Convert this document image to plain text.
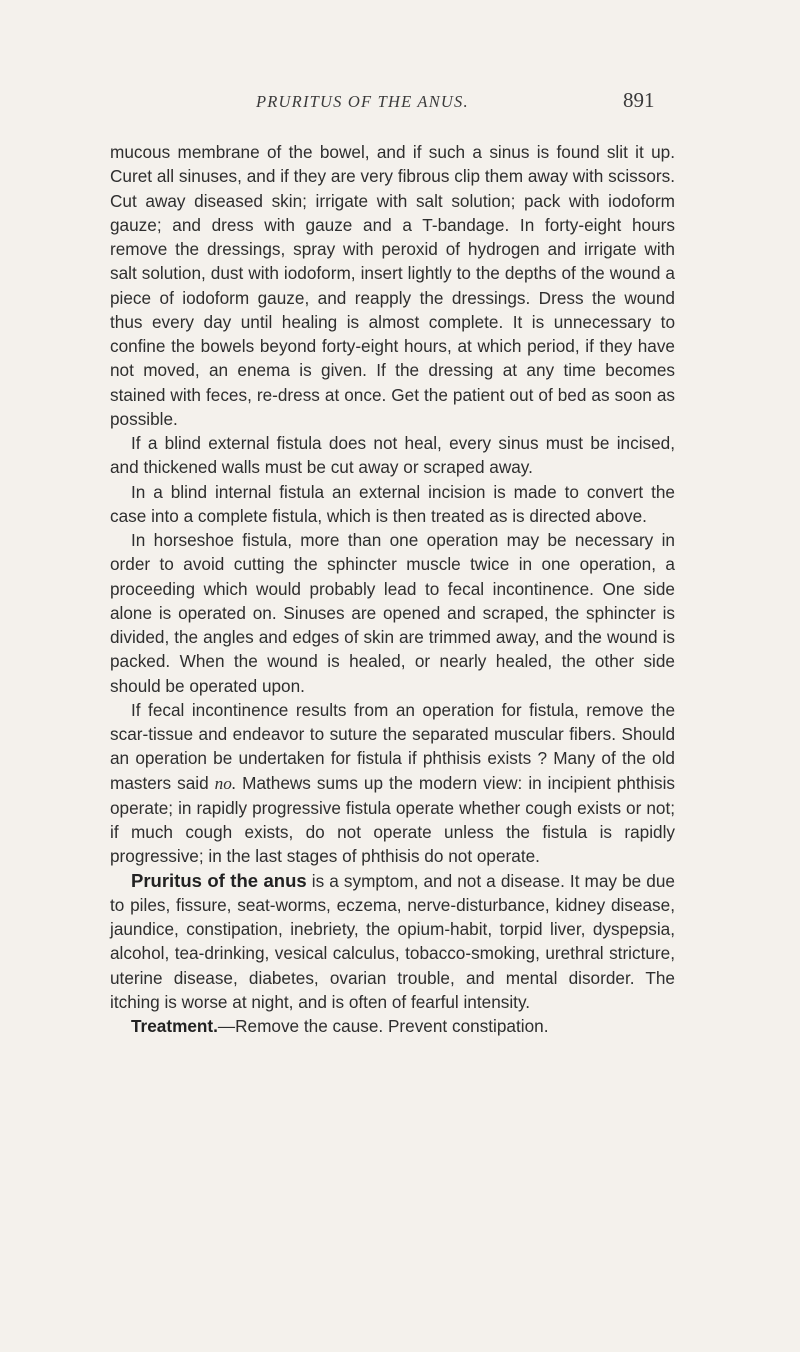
PRURITUS OF THE ANUS.	891

mucous membrane of the bowel, and if such a sinus is found slit it up. Curet all sinuses, and if they are very fibrous clip them away with scissors. Cut away diseased skin; irrigate with salt solution; pack with iodoform gauze; and dress with gauze and a T-bandage. In forty-eight hours remove the dressings, spray with peroxid of hydrogen and irrigate with salt solution, dust with iodoform, insert lightly to the depths of the wound a piece of iodoform gauze, and reapply the dressings. Dress the wound thus every day until healing is almost complete. It is unnecessary to confine the bowels beyond forty-eight hours, at which period, if they have not moved, an enema is given. If the dressing at any time becomes stained with feces, re-dress at once. Get the patient out of bed as soon as possible.

If a blind external fistula does not heal, every sinus must be incised, and thickened walls must be cut away or scraped away.

In a blind internal fistula an external incision is made to convert the case into a complete fistula, which is then treated as is directed above.

In horseshoe fistula, more than one operation may be necessary in order to avoid cutting the sphincter muscle twice in one operation, a proceeding which would probably lead to fecal incontinence. One side alone is operated on. Sinuses are opened and scraped, the sphincter is divided, the angles and edges of skin are trimmed away, and the wound is packed. When the wound is healed, or nearly healed, the other side should be operated upon.

If fecal incontinence results from an operation for fistula, remove the scar-tissue and endeavor to suture the separated muscular fibers. Should an operation be undertaken for fistula if phthisis exists ? Many of the old masters said no. Mathews sums up the modern view: in incipient phthisis operate; in rapidly progressive fistula operate whether cough exists or not; if much cough exists, do not operate unless the fistula is rapidly progressive; in the last stages of phthisis do not operate.

Pruritus of the anus is a symptom, and not a disease. It may be due to piles, fissure, seat-worms, eczema, nerve-disturbance, kidney disease, jaundice, constipation, inebriety, the opium-habit, torpid liver, dyspepsia, alcohol, tea-drinking, vesical calculus, tobacco-smoking, urethral stricture, uterine disease, diabetes, ovarian trouble, and mental disorder. The itching is worse at night, and is often of fearful intensity.

Treatment.—Remove the cause. Prevent constipation.
